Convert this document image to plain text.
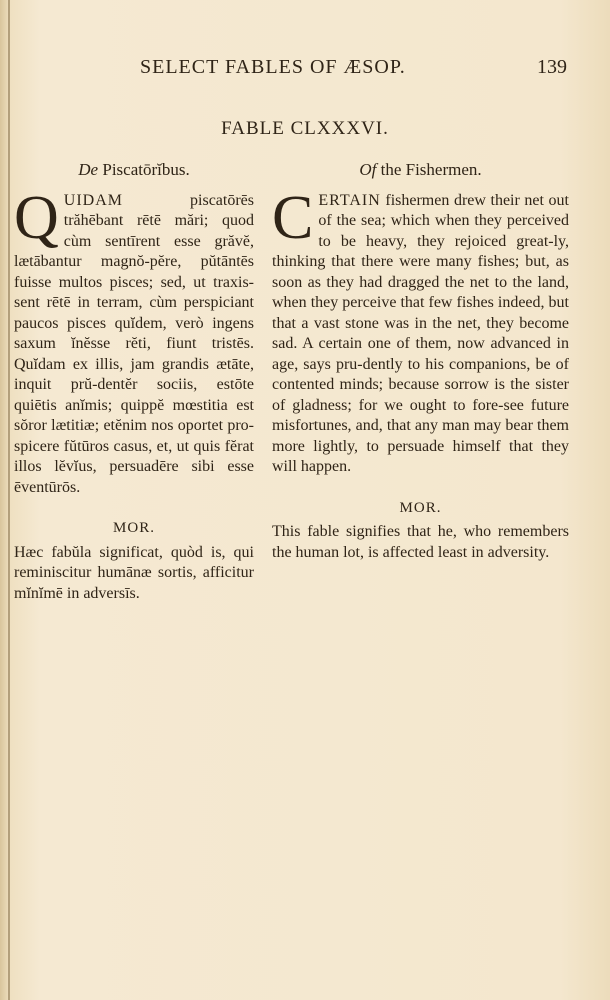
SELECT FABLES OF ÆSOP.	139
FABLE CLXXXVI.
De Piscatōrĭbus.
Q UIDAM	piscatōrēs trăhēbant rētē mări; quod cùm sentīrent esse grăvĕ, lætābantur magnŏ-pĕre, pŭtāntēs fuisse multos pisces; sed, ut traxis-sent rētē in terram, cùm perspiciant paucos pisces quĭdem, verò ingens saxum ĭnĕsse rĕti, fiunt tristēs. Quĭdam ex illis, jam grandis ætāte, inquit prŭ-dentĕr sociis, estōte quiētis anĭmis; quippĕ mœstitia est sŏror lætitiæ; etĕnim nos oportet pro-spicere fŭtūros casus, et, ut quis fĕrat illos lĕvĭus, persuadēre sibi esse ēventūrōs.
MOR.
Hæc fabŭla significat, quòd is, qui reminiscitur humānæ sortis, afficitur mĭnĭmē in adversīs.
Of the Fishermen.
C ERTAIN fishermen drew their net out of the sea; which when they perceived to be heavy, they rejoiced great-ly, thinking that there were many fishes; but, as soon as they had dragged the net to the land, when they perceive that few fishes indeed, but that a vast stone was in the net, they become sad. A certain one of them, now advanced in age, says pru-dently to his companions, be of contented minds; because sorrow is the sister of gladness; for we ought to fore-see future misfortunes, and, that any man may bear them more lightly, to persuade himself that they will happen.
MOR.
This fable signifies that he, who remembers the human lot, is affected least in adversity.
